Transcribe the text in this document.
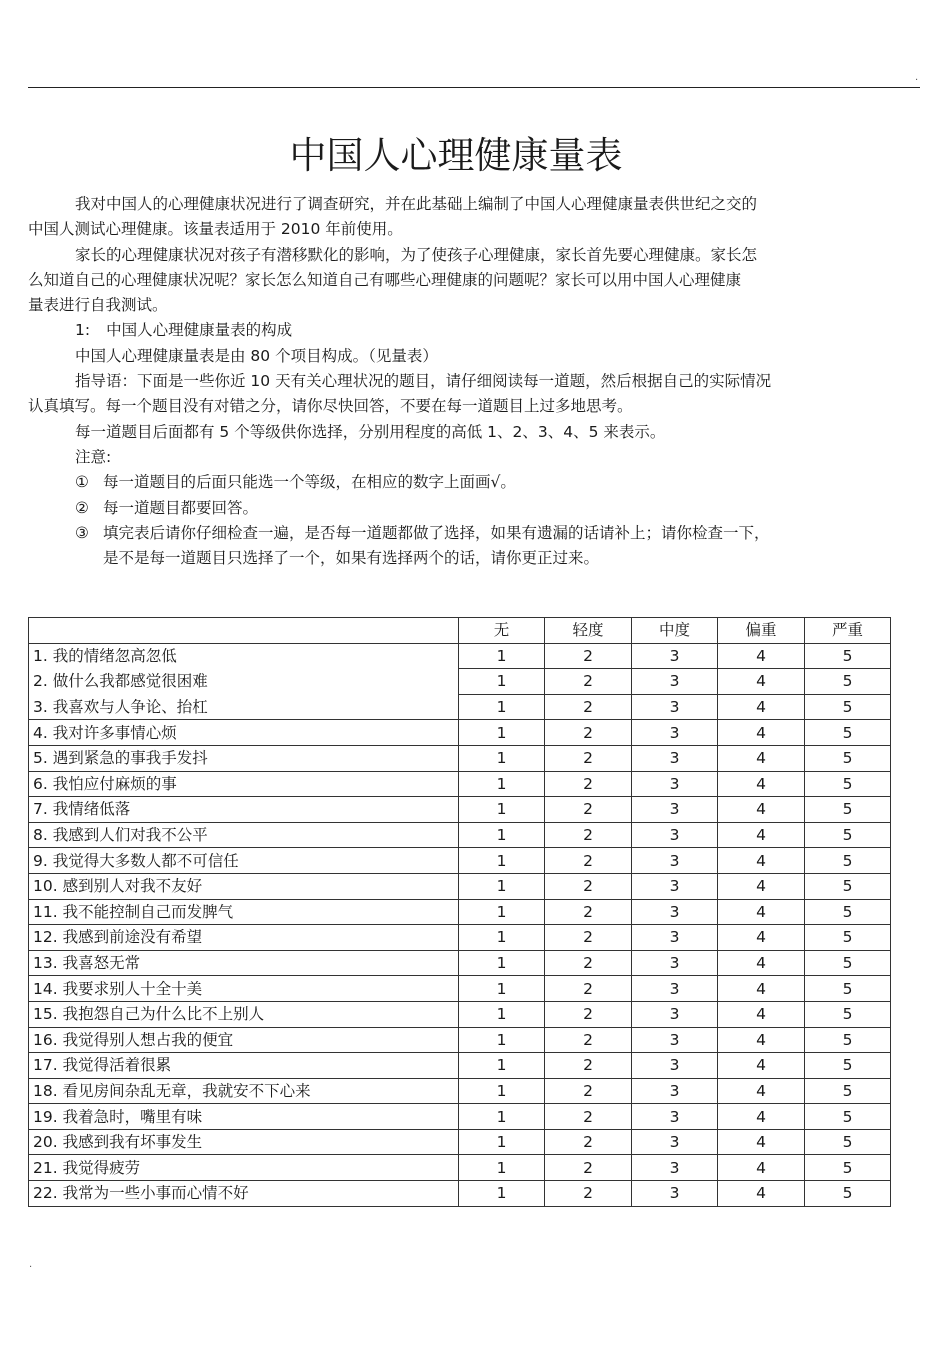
.
中国人心理健康量表
我对中国人的心理健康状况进行了调查研究，并在此基础上编制了中国人心理健康量表供世纪之交的
中国人测试心理健康。该量表适用于 2010 年前使用。
家长的心理健康状况对孩子有潜移默化的影响，为了使孩子心理健康，家长首先要心理健康。家长怎
么知道自己的心理健康状况呢？家长怎么知道自己有哪些心理健康的问题呢？家长可以用中国人心理健康
量表进行自我测试。
1: 中国人心理健康量表的构成
中国人心理健康量表是由 80 个项目构成。（见量表）
指导语：下面是一些你近 10 天有关心理状况的题目，请仔细阅读每一道题，然后根据自己的实际情况
认真填写。每一个题目没有对错之分，请你尽快回答，不要在每一道题目上过多地思考。
每一道题目后面都有 5 个等级供你选择，分别用程度的高低 1、2、3、4、5 来表示。
注意:
① 每一道题目的后面只能选一个等级，在相应的数字上面画√。
② 每一道题目都要回答。
③ 填完表后请你仔细检查一遍，是否每一道题都做了选择，如果有遗漏的话请补上；请你检查一下，
是不是每一道题目只选择了一个，如果有选择两个的话，请你更正过来。
	无	轻度	中度	偏重	严重
1. 我的情绪忽高忽低	1	2	3	4	5
2. 做什么我都感觉很困难	1	2	3	4	5
3. 我喜欢与人争论、抬杠	1	2	3	4	5
4. 我对许多事情心烦	1	2	3	4	5
5. 遇到紧急的事我手发抖	1	2	3	4	5
6. 我怕应付麻烦的事	1	2	3	4	5
7. 我情绪低落	1	2	3	4	5
8. 我感到人们对我不公平	1	2	3	4	5
9. 我觉得大多数人都不可信任	1	2	3	4	5
10. 感到别人对我不友好	1	2	3	4	5
11. 我不能控制自己而发脾气	1	2	3	4	5
12. 我感到前途没有希望	1	2	3	4	5
13. 我喜怒无常	1	2	3	4	5
14. 我要求别人十全十美	1	2	3	4	5
15. 我抱怨自己为什么比不上别人	1	2	3	4	5
16. 我觉得别人想占我的便宜	1	2	3	4	5
17. 我觉得活着很累	1	2	3	4	5
18. 看见房间杂乱无章，我就安不下心来	1	2	3	4	5
19. 我着急时，嘴里有味	1	2	3	4	5
20. 我感到我有坏事发生	1	2	3	4	5
21. 我觉得疲劳	1	2	3	4	5
22. 我常为一些小事而心情不好	1	2	3	4	5
.
